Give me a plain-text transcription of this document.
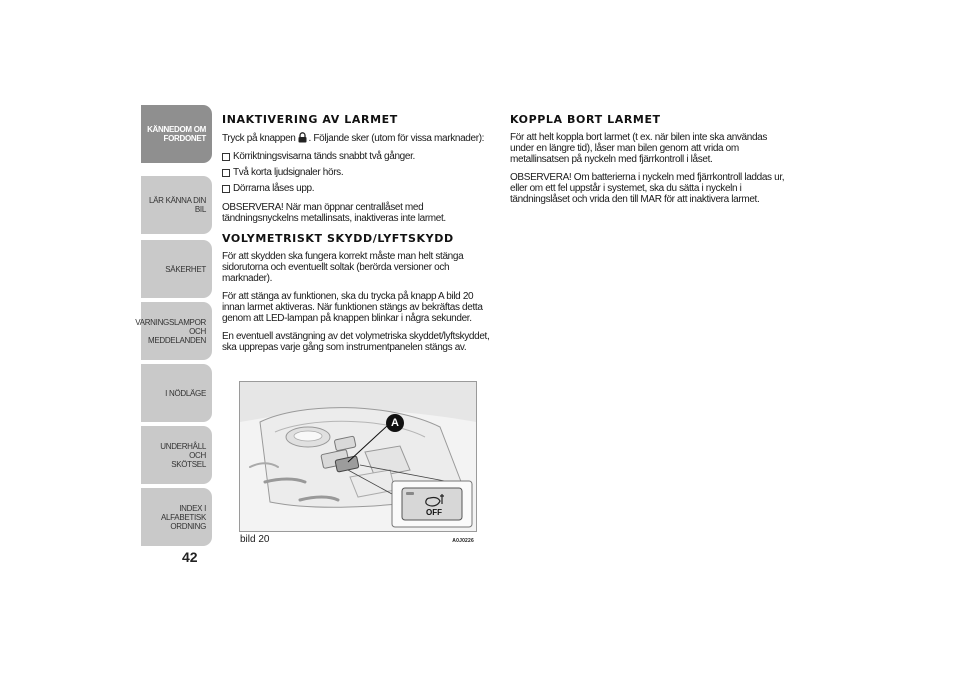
KÄNNEDOM OM
FORDONET
LÄR KÄNNA DIN BIL
SÄKERHET
VARNINGSLAMPOR
OCH MEDDELANDEN
I NÖDLÄGE
UNDERHÅLL OCH
SKÖTSEL
INDEX I ALFABETISK
ORDNING
42
INAKTIVERING AV LARMET

Tryck på knappen . Följande sker (utom för vissa marknader):

Körriktningsvisarna tänds snabbt två gånger.
Två korta ljudsignaler hörs.
Dörrarna låses upp.

OBSERVERA! När man öppnar centrallåset med tändningsnyckelns metallinsats, inaktiveras inte larmet.

VOLYMETRISKT SKYDD/LYFTSKYDD

För att skydden ska fungera korrekt måste man helt stänga sidorutorna och eventuellt soltak (berörda versioner och marknader).

För att stänga av funktionen, ska du trycka på knapp A bild 20 innan larmet aktiveras. När funktionen stängs av bekräftas detta genom att LED-lampan på knappen blinkar i några sekunder.

En eventuell avstängning av det volymetriska skyddet/lyftskyddet, ska upprepas varje gång som instrumentpanelen stängs av.

KOPPLA BORT LARMET

För att helt koppla bort larmet (t ex. när bilen inte ska användas under en längre tid), låser man bilen genom att vrida om metallinsatsen på nyckeln med fjärrkontroll i låset.

OBSERVERA! Om batterierna i nyckeln med fjärrkontroll laddas ur, eller om ett fel uppstår i systemet, ska du sätta i nyckeln i tändningslåset och vrida den till MAR för att inaktivera larmet.

A
OFF
bild 20	A0J0226
